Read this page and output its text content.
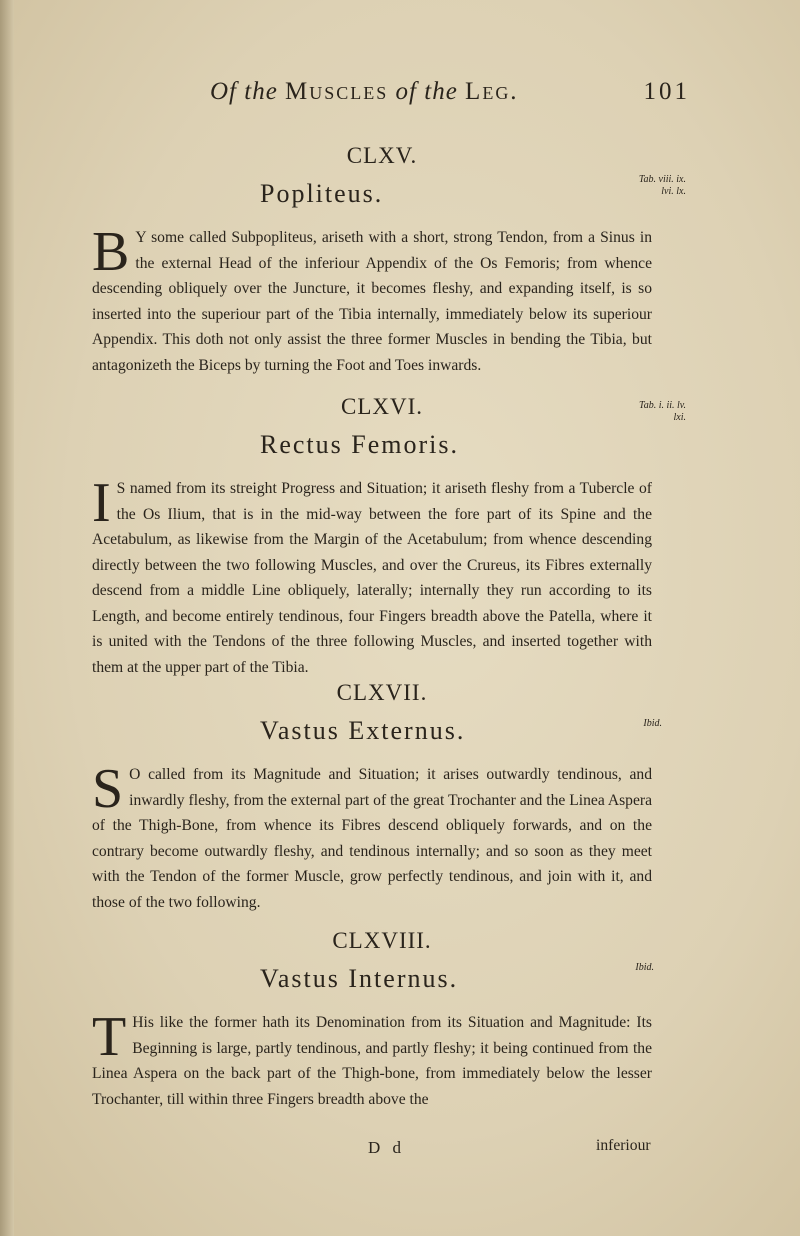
Of the Muscles of the Leg.	101
CLXV.
Popliteus.
B Y some called Subpopliteus, ariseth with a short, strong Tendon, from a Sinus in the external Head of the inferiour Appendix of the Os Femoris; from whence descending obliquely over the Juncture, it becomes fleshy, and expanding itself, is so inserted into the superiour part of the Tibia internally, immediately below its superiour Appendix. This doth not only assist the three former Muscles in bending the Tibia, but antagonizeth the Biceps by turning the Foot and Toes inwards.
Tab. viii. ix. lvi. lx.
CLXVI.
Rectus Femoris.
I S named from its streight Progress and Situation; it ariseth fleshy from a Tubercle of the Os Ilium, that is in the mid-way between the fore part of its Spine and the Acetabulum, as likewise from the Margin of the Acetabulum; from whence descending directly between the two following Muscles, and over the Crureus, its Fibres externally descend from a middle Line obliquely, laterally; internally they run according to its Length, and become entirely tendinous, four Fingers breadth above the Patella, where it is united with the Tendons of the three following Muscles, and inserted together with them at the upper part of the Tibia.
Tab. i. ii. lv. lxi.
CLXVII.
Vastus Externus.
S O called from its Magnitude and Situation; it arises outwardly tendinous, and inwardly fleshy, from the external part of the great Trochanter and the Linea Aspera of the Thigh-Bone, from whence its Fibres descend obliquely forwards, and on the contrary become outwardly fleshy, and tendinous internally; and so soon as they meet with the Tendon of the former Muscle, grow perfectly tendinous, and join with it, and those of the two following.
Ibid.
CLXVIII.
Vastus Internus.
T His like the former hath its Denomination from its Situation and Magnitude: Its Beginning is large, partly tendinous, and partly fleshy; it being continued from the Linea Aspera on the back part of the Thigh-bone, from immediately below the lesser Trochanter, till within three Fingers breadth above the
Ibid.
D d	inferiour
